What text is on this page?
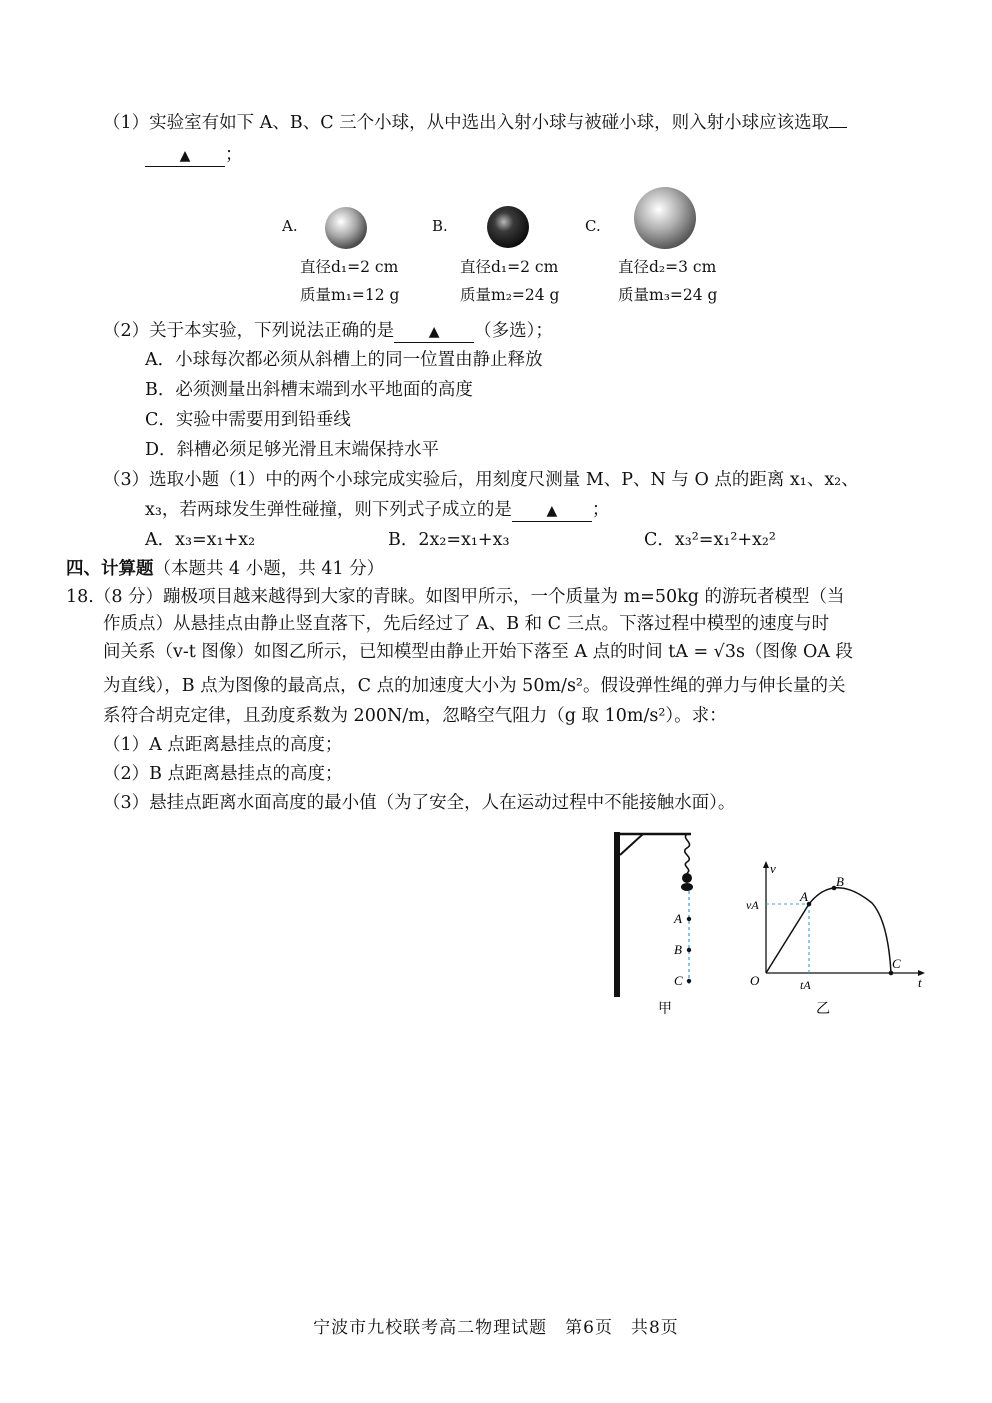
（1）实验室有如下 A、B、C 三个小球，从中选出入射小球与被碰小球，则入射小球应该选取
▲ ；
A.
直径d₁=2 cm
质量m₁=12 g
B.
直径d₁=2 cm
质量m₂=24 g
C.
直径d₂=3 cm
质量m₃=24 g
（2）关于本实验，下列说法正确的是 ▲ （多选）；
A．小球每次都必须从斜槽上的同一位置由静止释放
B．必须测量出斜槽末端到水平地面的高度
C．实验中需要用到铅垂线
D．斜槽必须足够光滑且末端保持水平
（3）选取小题（1）中的两个小球完成实验后，用刻度尺测量 M、P、N 与 O 点的距离 x₁、x₂、
x₃，若两球发生弹性碰撞，则下列式子成立的是 ▲ ；
A．x₃=x₁+x₂	B．2x₂=x₁+x₃	C．x₃²=x₁²+x₂²
四、计算题（本题共 4 小题，共 41 分）
18.（8 分）蹦极项目越来越得到大家的青睐。如图甲所示，一个质量为 m=50kg 的游玩者模型（当
作质点）从悬挂点由静止竖直落下，先后经过了 A、B 和 C 三点。下落过程中模型的速度与时
间关系（v-t 图像）如图乙所示，已知模型由静止开始下落至 A 点的时间 tA = √3s（图像 OA 段
为直线），B 点为图像的最高点，C 点的加速度大小为 50m/s²。假设弹性绳的弹力与伸长量的关
系符合胡克定律，且劲度系数为 200N/m，忽略空气阻力（g 取 10m/s²）。求：
（1）A 点距离悬挂点的高度；
（2）B 点距离悬挂点的高度；
（3）悬挂点距离水面高度的最小值（为了安全，人在运动过程中不能接触水面）。
A
B
C
甲
v
t
O
vA
tA
A
B
C
乙
宁波市九校联考高二物理试题　第6页　共8页
